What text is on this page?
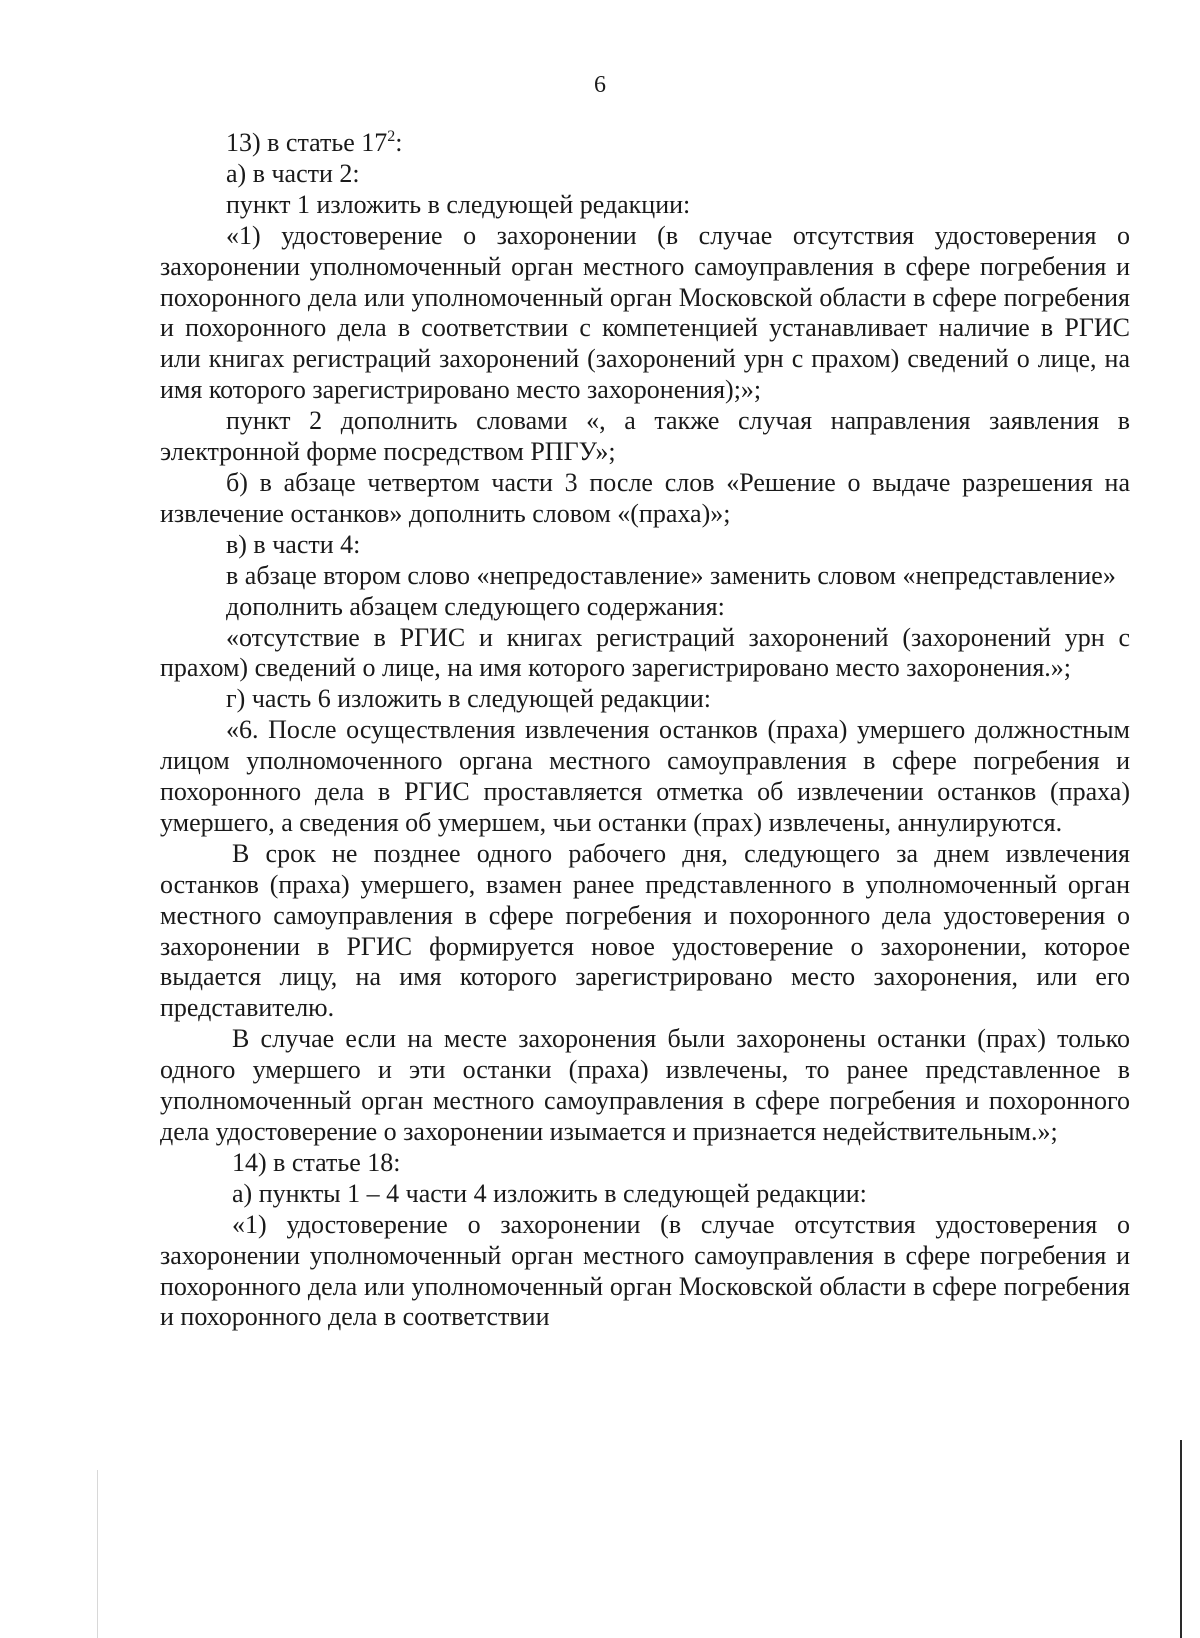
6

13) в статье $17^2$:

а) в части 2:

пункт 1 изложить в следующей редакции:

«1) удостоверение о захоронении (в случае отсутствия удостоверения о захоронении уполномоченный орган местного самоуправления в сфере погребения и похоронного дела или уполномоченный орган Московской области в сфере погребения и похоронного дела в соответствии с компетенцией устанавливает наличие в РГИС или книгах регистраций захоронений (захоронений урн с прахом) сведений о лице, на имя которого зарегистрировано место захоронения);»;

пункт 2 дополнить словами «, а также случая направления заявления в электронной форме посредством РПГУ»;

б) в абзаце четвертом части 3 после слов «Решение о выдаче разрешения на извлечение останков» дополнить словом «(праха)»;

в) в части 4:

в абзаце втором слово «непредоставление» заменить словом «непредставление»

дополнить абзацем следующего содержания:

«отсутствие в РГИС и книгах регистраций захоронений (захоронений урн с прахом) сведений о лице, на имя которого зарегистрировано место захоронения.»;

г) часть 6 изложить в следующей редакции:

«6. После осуществления извлечения останков (праха) умершего должностным лицом уполномоченного органа местного самоуправления в сфере погребения и похоронного дела в РГИС проставляется отметка об извлечении останков (праха) умершего, а сведения об умершем, чьи останки (прах) извлечены, аннулируются.

В срок не позднее одного рабочего дня, следующего за днем извлечения останков (праха) умершего, взамен ранее представленного в уполномоченный орган местного самоуправления в сфере погребения и похоронного дела удостоверения о захоронении в РГИС формируется новое удостоверение о захоронении, которое выдается лицу, на имя которого зарегистрировано место захоронения, или его представителю.

В случае если на месте захоронения были захоронены останки (прах) только одного умершего и эти останки (праха) извлечены, то ранее представленное в уполномоченный орган местного самоуправления в сфере погребения и похоронного дела удостоверение о захоронении изымается и признается недействительным.»;

14) в статье 18:

а) пункты 1 – 4 части 4 изложить в следующей редакции:

«1) удостоверение о захоронении (в случае отсутствия удостоверения о захоронении уполномоченный орган местного самоуправления в сфере погребения и похоронного дела или уполномоченный орган Московской области в сфере погребения и похоронного дела в соответствии
